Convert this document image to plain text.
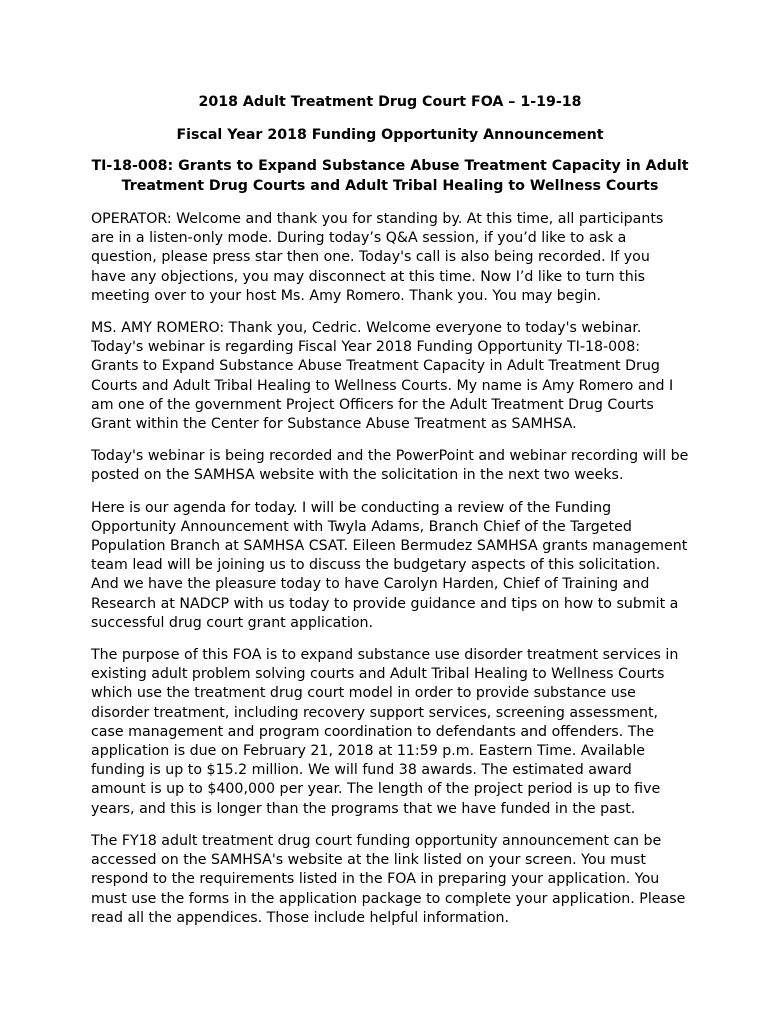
2018 Adult Treatment Drug Court FOA – 1-19-18

Fiscal Year 2018 Funding Opportunity Announcement

TI-18-008: Grants to Expand Substance Abuse Treatment Capacity in Adult Treatment Drug Courts and Adult Tribal Healing to Wellness Courts

OPERATOR: Welcome and thank you for standing by. At this time, all participants are in a listen-only mode. During today’s Q&A session, if you’d like to ask a question, please press star then one. Today's call is also being recorded. If you have any objections, you may disconnect at this time. Now I’d like to turn this meeting over to your host Ms. Amy Romero. Thank you. You may begin.

MS. AMY ROMERO: Thank you, Cedric. Welcome everyone to today's webinar. Today's webinar is regarding Fiscal Year 2018 Funding Opportunity TI-18-008: Grants to Expand Substance Abuse Treatment Capacity in Adult Treatment Drug Courts and Adult Tribal Healing to Wellness Courts. My name is Amy Romero and I am one of the government Project Officers for the Adult Treatment Drug Courts Grant within the Center for Substance Abuse Treatment as SAMHSA.

Today's webinar is being recorded and the PowerPoint and webinar recording will be posted on the SAMHSA website with the solicitation in the next two weeks.

Here is our agenda for today. I will be conducting a review of the Funding Opportunity Announcement with Twyla Adams, Branch Chief of the Targeted Population Branch at SAMHSA CSAT. Eileen Bermudez SAMHSA grants management team lead will be joining us to discuss the budgetary aspects of this solicitation. And we have the pleasure today to have Carolyn Harden, Chief of Training and Research at NADCP with us today to provide guidance and tips on how to submit a successful drug court grant application.

The purpose of this FOA is to expand substance use disorder treatment services in existing adult problem solving courts and Adult Tribal Healing to Wellness Courts which use the treatment drug court model in order to provide substance use disorder treatment, including recovery support services, screening assessment, case management and program coordination to defendants and offenders. The application is due on February 21, 2018 at 11:59 p.m. Eastern Time. Available funding is up to $15.2 million. We will fund 38 awards. The estimated award amount is up to $400,000 per year. The length of the project period is up to five years, and this is longer than the programs that we have funded in the past.

The FY18 adult treatment drug court funding opportunity announcement can be accessed on the SAMHSA's website at the link listed on your screen. You must respond to the requirements listed in the FOA in preparing your application. You must use the forms in the application package to complete your application. Please read all the appendices. Those include helpful information.
